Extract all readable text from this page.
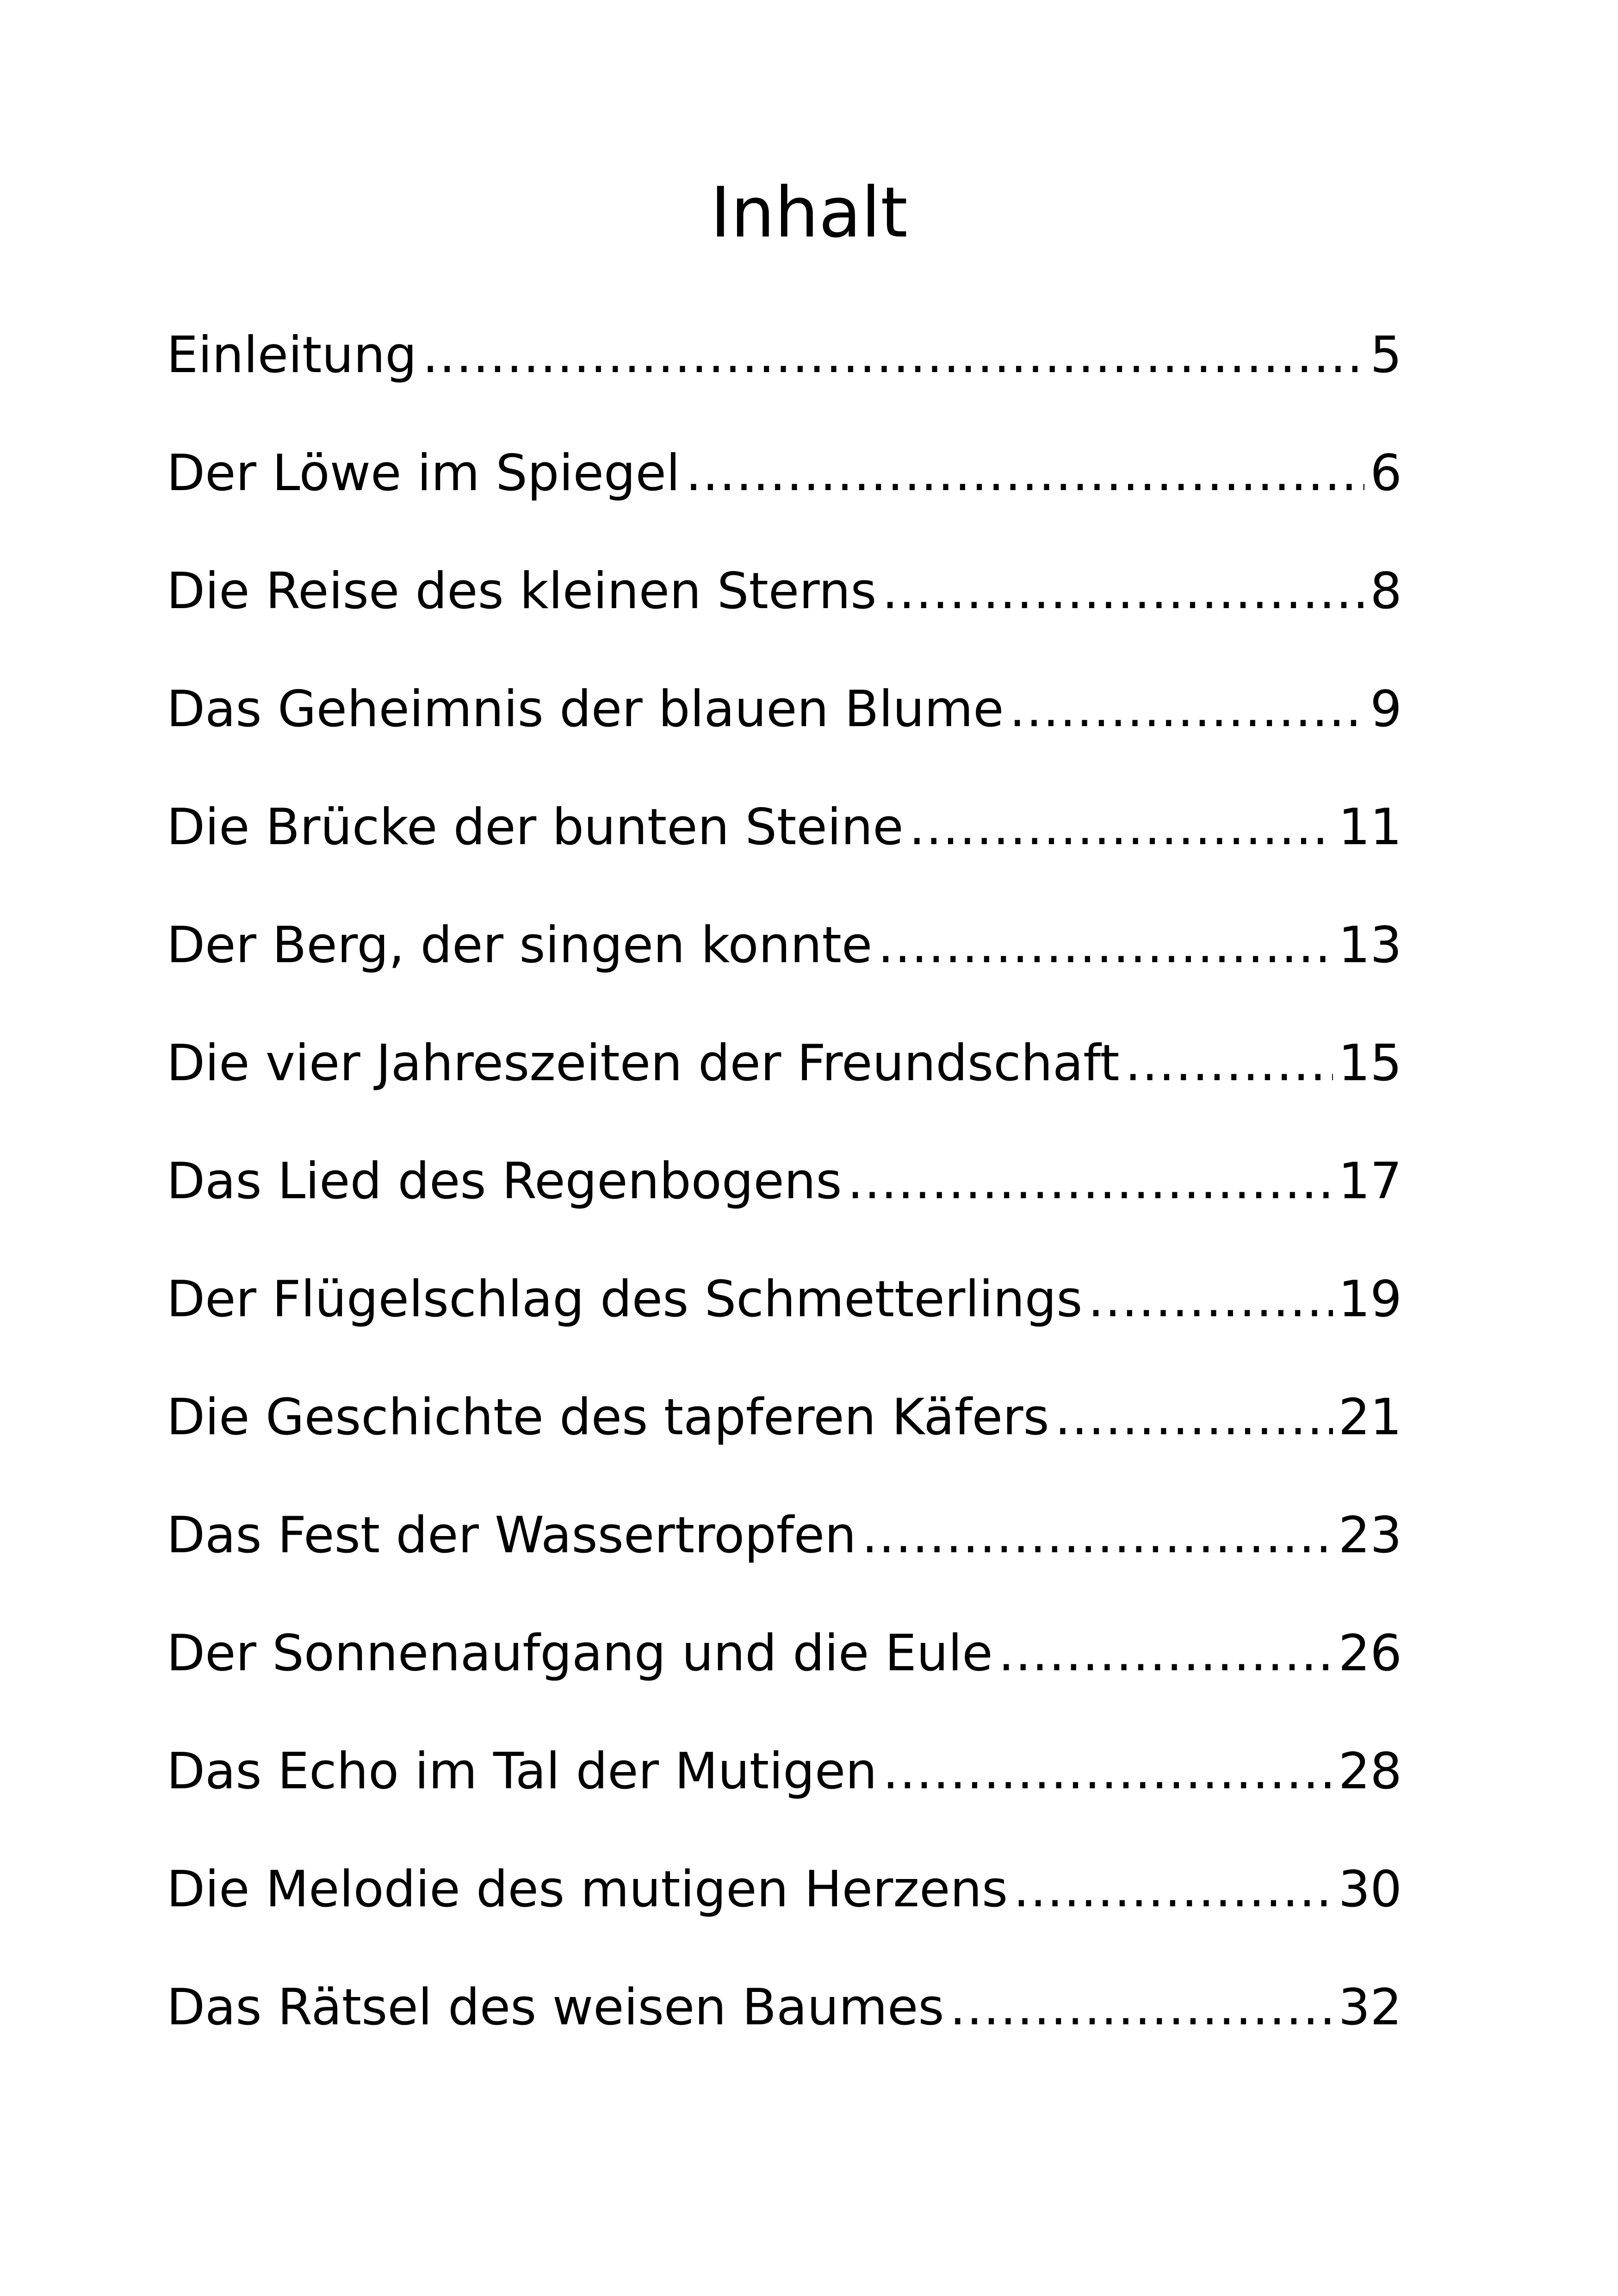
Inhalt
Einleitung .....	5
Der Löwe im Spiegel .....	6
Die Reise des kleinen Sterns .....	8
Das Geheimnis der blauen Blume .....	9
Die Brücke der bunten Steine .....	11
Der Berg, der singen konnte .....	13
Die vier Jahreszeiten der Freundschaft .....	15
Das Lied des Regenbogens .....	17
Der Flügelschlag des Schmetterlings .....	19
Die Geschichte des tapferen Käfers .....	21
Das Fest der Wassertropfen .....	23
Der Sonnenaufgang und die Eule .....	26
Das Echo im Tal der Mutigen .....	28
Die Melodie des mutigen Herzens .....	30
Das Rätsel des weisen Baumes .....	32
